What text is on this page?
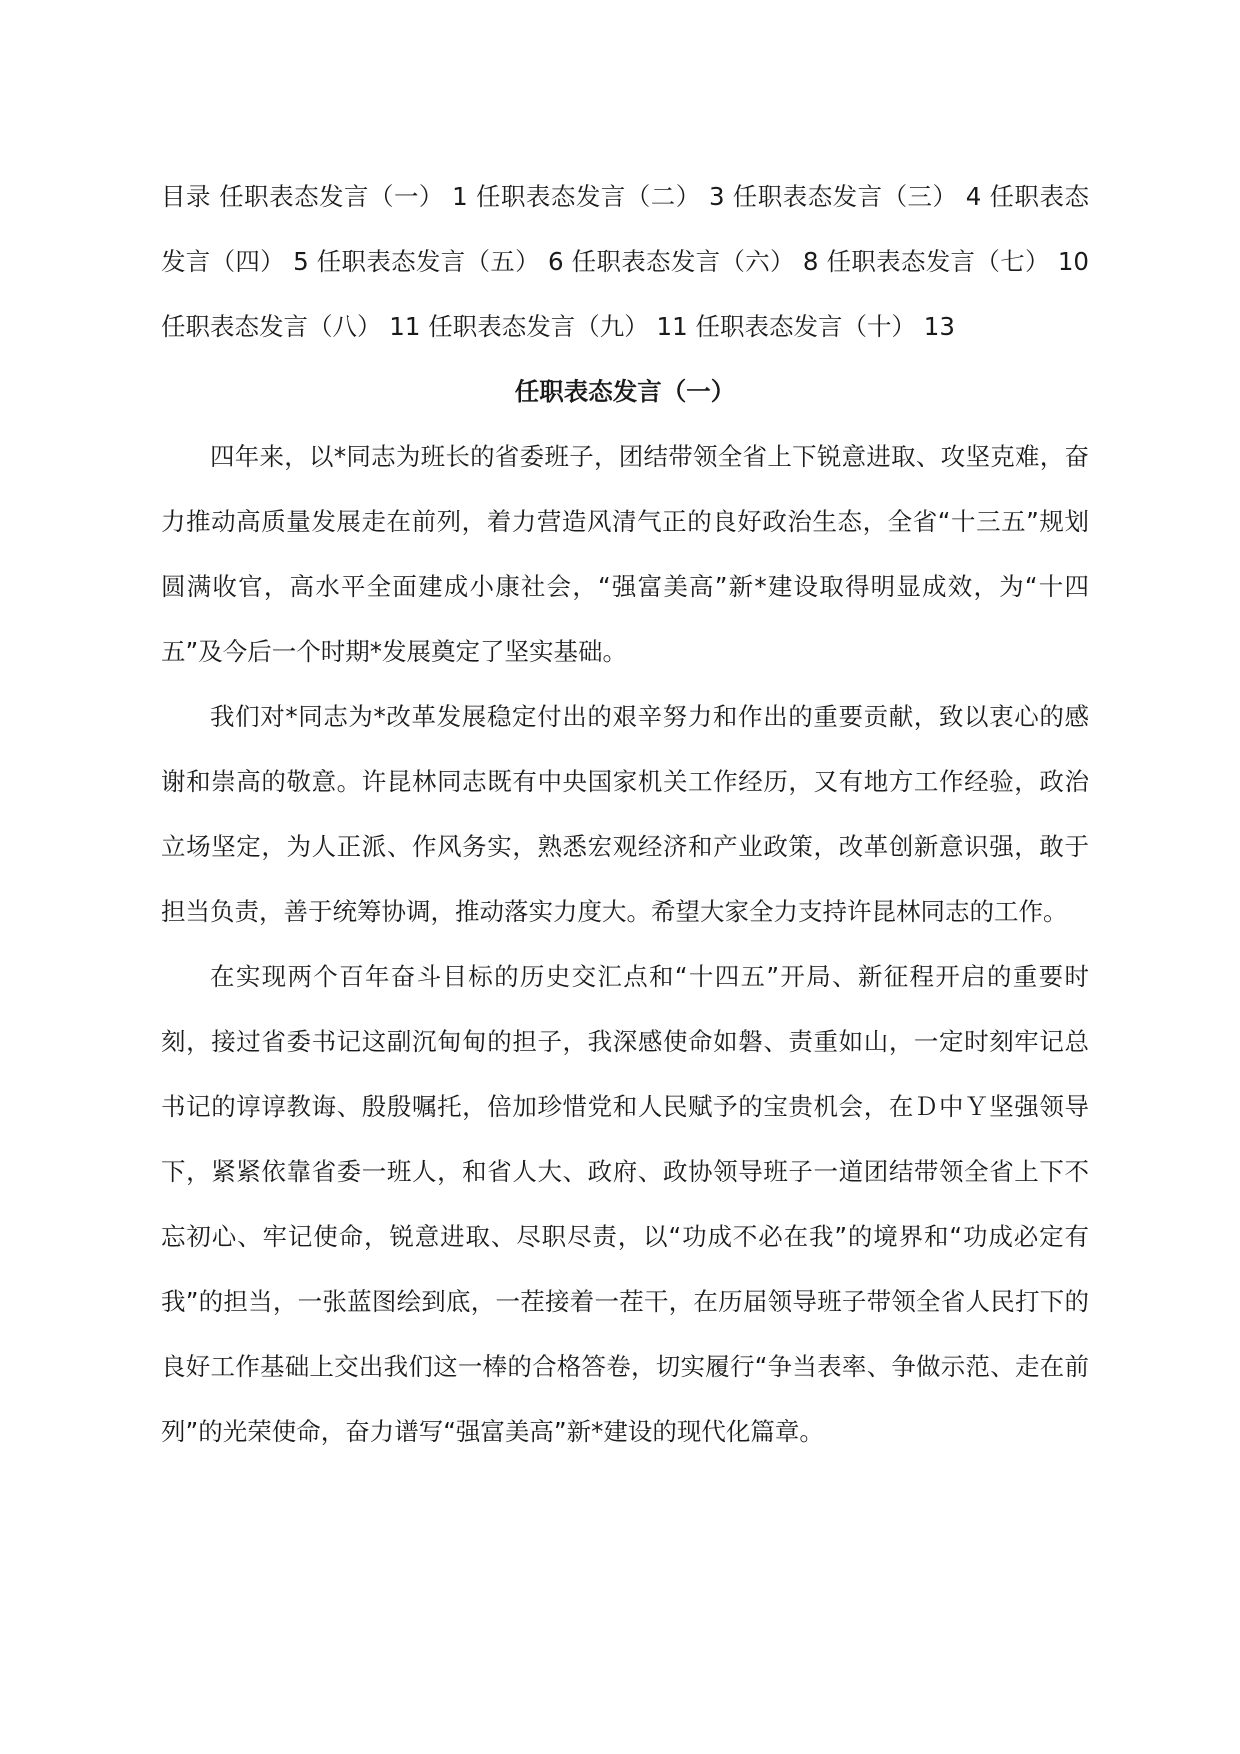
目录 任职表态发言（一） 1 任职表态发言（二） 3 任职表态发言（三） 4 任职表态发言（四） 5 任职表态发言（五） 6 任职表态发言（六） 8 任职表态发言（七） 10 任职表态发言（八） 11 任职表态发言（九） 11 任职表态发言（十） 13

任职表态发言（一）

四年来，以*同志为班长的省委班子，团结带领全省上下锐意进取、攻坚克难，奋力推动高质量发展走在前列，着力营造风清气正的良好政治生态，全省“十三五”规划圆满收官，高水平全面建成小康社会，“强富美高”新*建设取得明显成效，为“十四五”及今后一个时期*发展奠定了坚实基础。

我们对*同志为*改革发展稳定付出的艰辛努力和作出的重要贡献，致以衷心的感谢和崇高的敬意。许昆林同志既有中央国家机关工作经历，又有地方工作经验，政治立场坚定，为人正派、作风务实，熟悉宏观经济和产业政策，改革创新意识强，敢于担当负责，善于统筹协调，推动落实力度大。希望大家全力支持许昆林同志的工作。

在实现两个百年奋斗目标的历史交汇点和“十四五”开局、新征程开启的重要时刻，接过省委书记这副沉甸甸的担子，我深感使命如磐、责重如山，一定时刻牢记总书记的谆谆教诲、殷殷嘱托，倍加珍惜党和人民赋予的宝贵机会，在Ｄ中Ｙ坚强领导下，紧紧依靠省委一班人，和省人大、政府、政协领导班子一道团结带领全省上下不忘初心、牢记使命，锐意进取、尽职尽责，以“功成不必在我”的境界和“功成必定有我”的担当，一张蓝图绘到底，一茬接着一茬干，在历届领导班子带领全省人民打下的良好工作基础上交出我们这一棒的合格答卷，切实履行“争当表率、争做示范、走在前列”的光荣使命，奋力谱写“强富美高”新*建设的现代化篇章。
